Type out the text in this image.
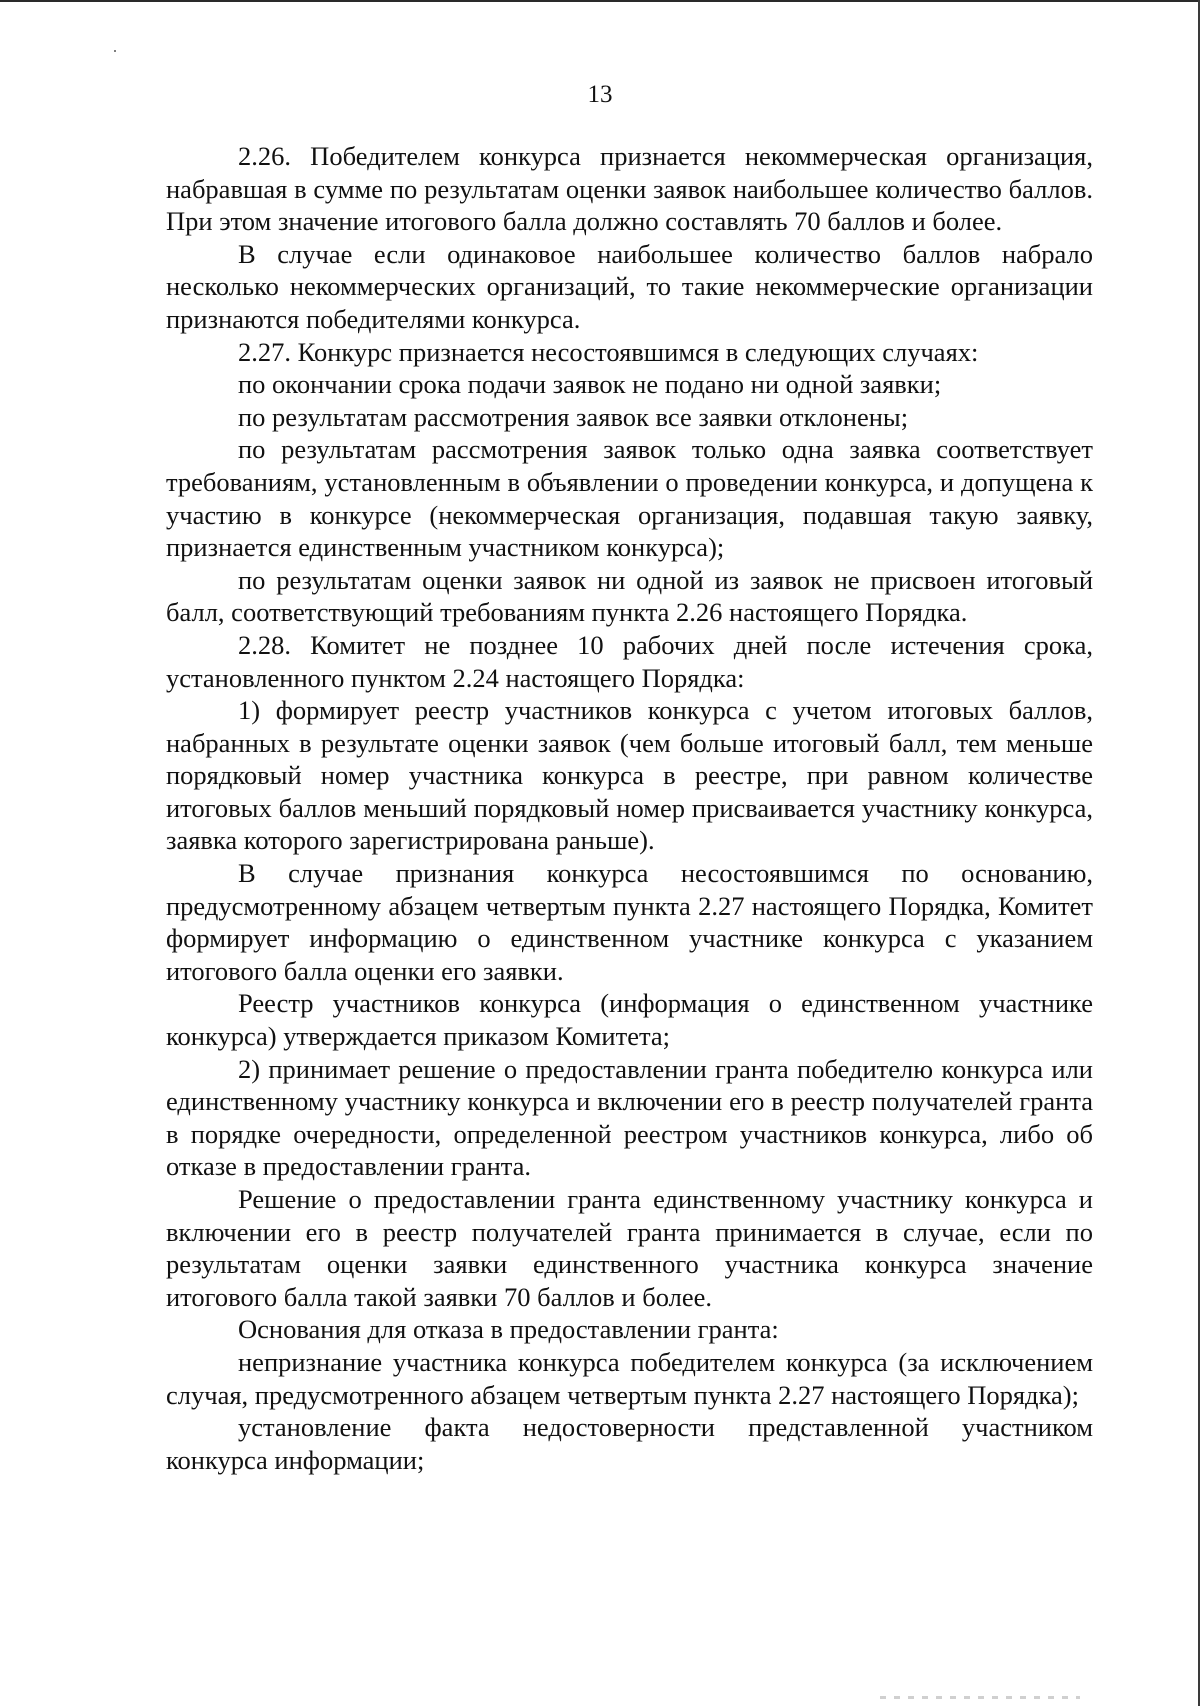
13

2.26. Победителем конкурса признается некоммерческая организация, набравшая в сумме по результатам оценки заявок наибольшее количество баллов. При этом значение итогового балла должно составлять 70 баллов и более.

В случае если одинаковое наибольшее количество баллов набрало несколько некоммерческих организаций, то такие некоммерческие организации признаются победителями конкурса.

2.27. Конкурс признается несостоявшимся в следующих случаях:

по окончании срока подачи заявок не подано ни одной заявки;

по результатам рассмотрения заявок все заявки отклонены;

по результатам рассмотрения заявок только одна заявка соответствует требованиям, установленным в объявлении о проведении конкурса, и допущена к участию в конкурсе (некоммерческая организация, подавшая такую заявку, признается единственным участником конкурса);

по результатам оценки заявок ни одной из заявок не присвоен итоговый балл, соответствующий требованиям пункта 2.26 настоящего Порядка.

2.28. Комитет не позднее 10 рабочих дней после истечения срока, установленного пунктом 2.24 настоящего Порядка:

1) формирует реестр участников конкурса с учетом итоговых баллов, набранных в результате оценки заявок (чем больше итоговый балл, тем меньше порядковый номер участника конкурса в реестре, при равном количестве итоговых баллов меньший порядковый номер присваивается участнику конкурса, заявка которого зарегистрирована раньше).

В случае признания конкурса несостоявшимся по основанию, предусмотренному абзацем четвертым пункта 2.27 настоящего Порядка, Комитет формирует информацию о единственном участнике конкурса с указанием итогового балла оценки его заявки.

Реестр участников конкурса (информация о единственном участнике конкурса) утверждается приказом Комитета;

2) принимает решение о предоставлении гранта победителю конкурса или единственному участнику конкурса и включении его в реестр получателей гранта в порядке очередности, определенной реестром участников конкурса, либо об отказе в предоставлении гранта.

Решение о предоставлении гранта единственному участнику конкурса и включении его в реестр получателей гранта принимается в случае, если по результатам оценки заявки единственного участника конкурса значение итогового балла такой заявки 70 баллов и более.

Основания для отказа в предоставлении гранта:

непризнание участника конкурса победителем конкурса (за исключением случая, предусмотренного абзацем четвертым пункта 2.27 настоящего Порядка);

установление факта недостоверности представленной участником конкурса информации;
